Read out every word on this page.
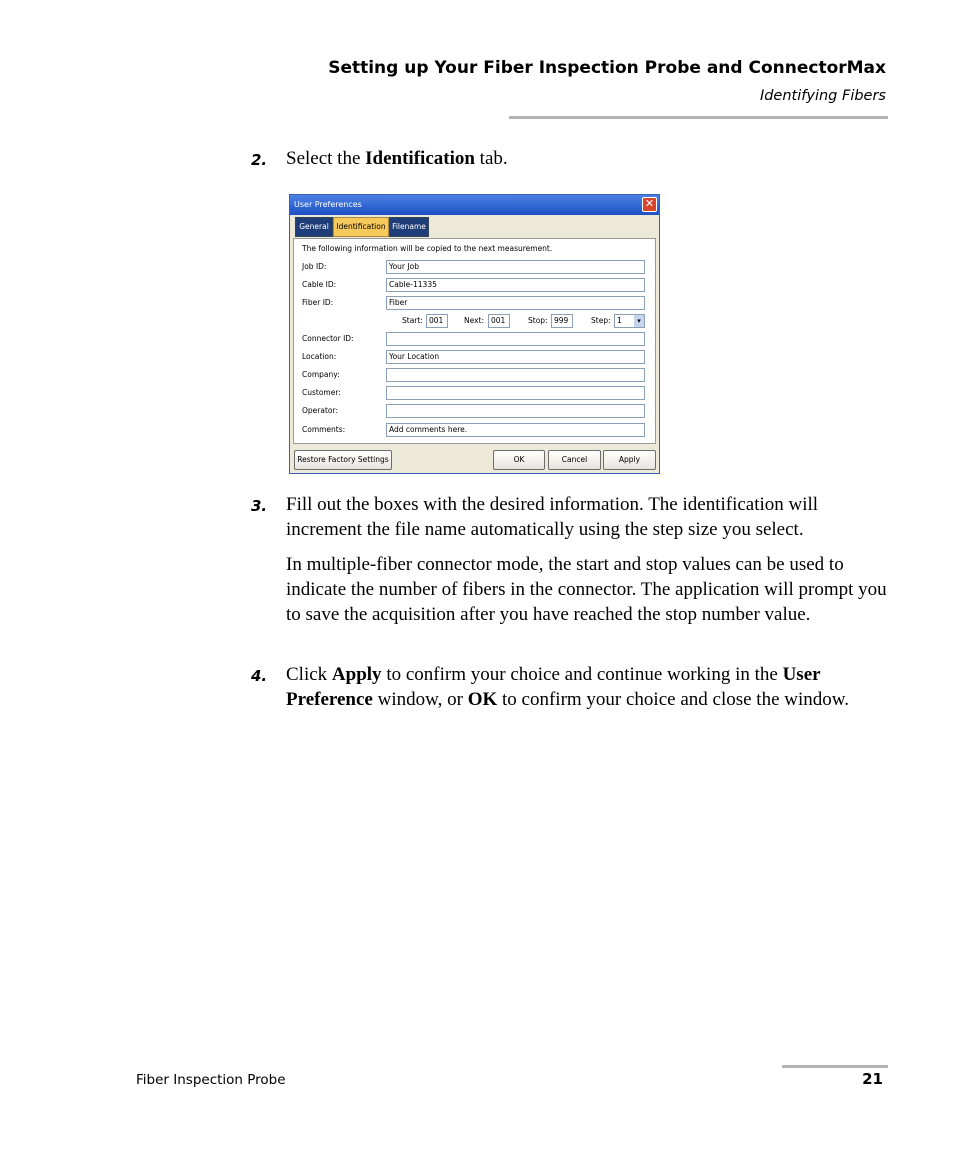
Setting up Your Fiber Inspection Probe and ConnectorMax
Identifying Fibers
2. Select the Identification tab.
User Preferences	✕
General	Identification Filename
The following information will be copied to the next measurement.
Job ID:	Your Job
Cable ID:	Cable-11335
Fiber ID:	Fiber
Start: 001	Next: 001	Stop: 999	Step: 1	▾
Connector ID:
Location:	Your Location
Company:
Customer:
Operator:
Comments:	Add comments here.
Restore Factory Settings	OK	Cancel	Apply
3. Fill out the boxes with the desired information. The identification will increment the file name automatically using the step size you select.
In multiple-fiber connector mode, the start and stop values can be used to indicate the number of fibers in the connector. The application will prompt you to save the acquisition after you have reached the stop number value.
4. Click Apply to confirm your choice and continue working in the User Preference window, or OK to confirm your choice and close the window.
Fiber Inspection Probe	21
